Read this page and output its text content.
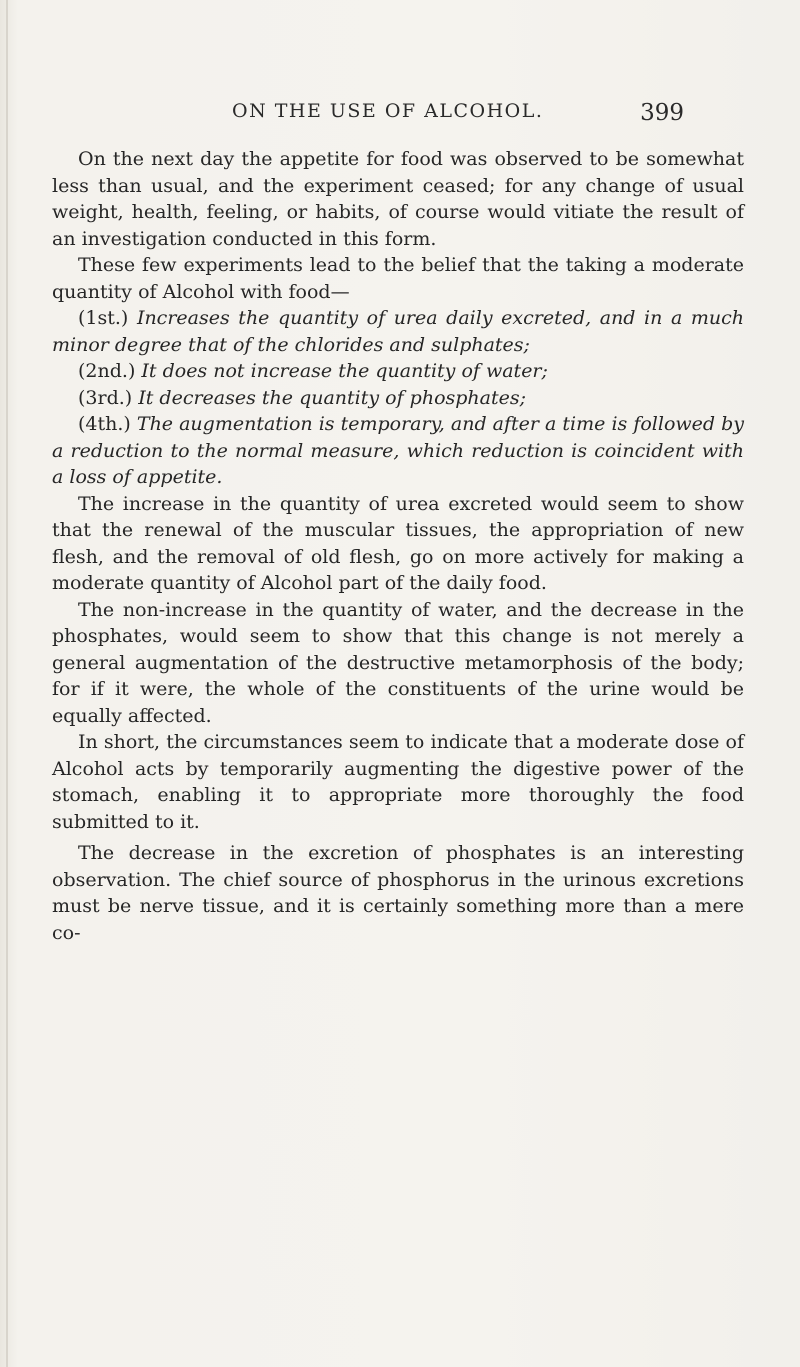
ON THE USE OF ALCOHOL.	399

On the next day the appetite for food was observed to be somewhat less than usual, and the experiment ceased; for any change of usual weight, health, feeling, or habits, of course would vitiate the result of an investigation conducted in this form.

These few experiments lead to the belief that the taking a moderate quantity of Alcohol with food—

(1st.) Increases the quantity of urea daily excreted, and in a much minor degree that of the chlorides and sulphates;

(2nd.) It does not increase the quantity of water;

(3rd.) It decreases the quantity of phosphates;

(4th.) The augmentation is temporary, and after a time is followed by a reduction to the normal measure, which reduction is coincident with a loss of appetite.

The increase in the quantity of urea excreted would seem to show that the renewal of the muscular tissues, the appropriation of new flesh, and the removal of old flesh, go on more actively for making a moderate quantity of Alcohol part of the daily food.

The non-increase in the quantity of water, and the decrease in the phosphates, would seem to show that this change is not merely a general augmentation of the destructive metamorphosis of the body; for if it were, the whole of the constituents of the urine would be equally affected.

In short, the circumstances seem to indicate that a moderate dose of Alcohol acts by temporarily augmenting the digestive power of the stomach, enabling it to appropriate more thoroughly the food submitted to it.

The decrease in the excretion of phosphates is an interesting observation. The chief source of phosphorus in the urinous excretions must be nerve tissue, and it is certainly something more than a mere co-
